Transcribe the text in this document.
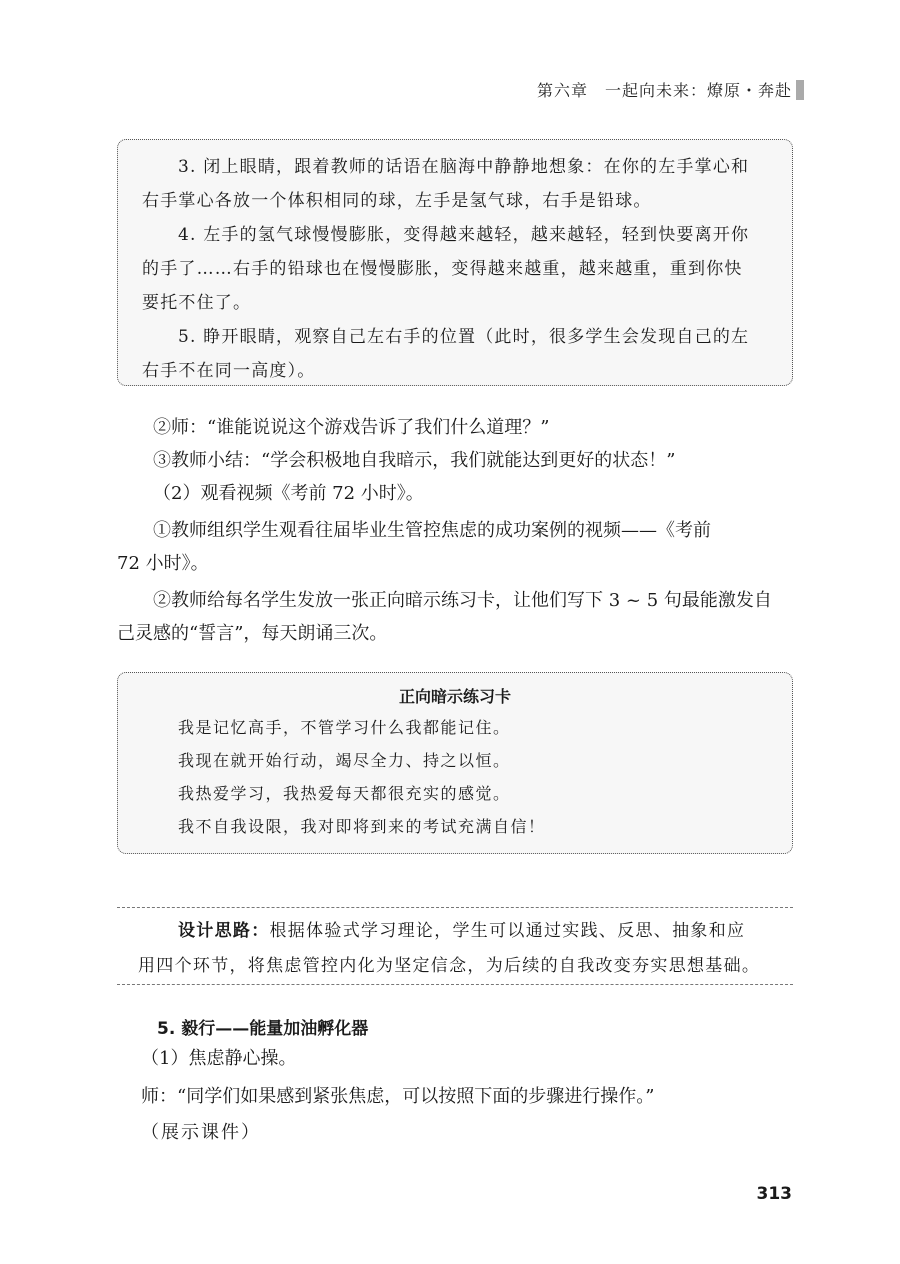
第六章　一起向未来：燎原・奔赴

3. 闭上眼睛，跟着教师的话语在脑海中静静地想象：在你的左手掌心和

右手掌心各放一个体积相同的球，左手是氢气球，右手是铅球。

4. 左手的氢气球慢慢膨胀，变得越来越轻，越来越轻，轻到快要离开你

的手了……右手的铅球也在慢慢膨胀，变得越来越重，越来越重，重到你快

要托不住了。

5. 睁开眼睛，观察自己左右手的位置（此时，很多学生会发现自己的左

右手不在同一高度）。

②师：“谁能说说这个游戏告诉了我们什么道理？”

③教师小结：“学会积极地自我暗示，我们就能达到更好的状态！”

（2）观看视频《考前 72 小时》。

①教师组织学生观看往届毕业生管控焦虑的成功案例的视频——《考前

72 小时》。

②教师给每名学生发放一张正向暗示练习卡，让他们写下 3 ~ 5 句最能激发自

己灵感的“誓言”，每天朗诵三次。

正向暗示练习卡

我是记忆高手，不管学习什么我都能记住。

我现在就开始行动，竭尽全力、持之以恒。

我热爱学习，我热爱每天都很充实的感觉。

我不自我设限，我对即将到来的考试充满自信！

设计思路：根据体验式学习理论，学生可以通过实践、反思、抽象和应

用四个环节，将焦虑管控内化为坚定信念，为后续的自我改变夯实思想基础。

5. 毅行——能量加油孵化器
（1）焦虑静心操。
师：“同学们如果感到紧张焦虑，可以按照下面的步骤进行操作。”
（展示课件）
313
